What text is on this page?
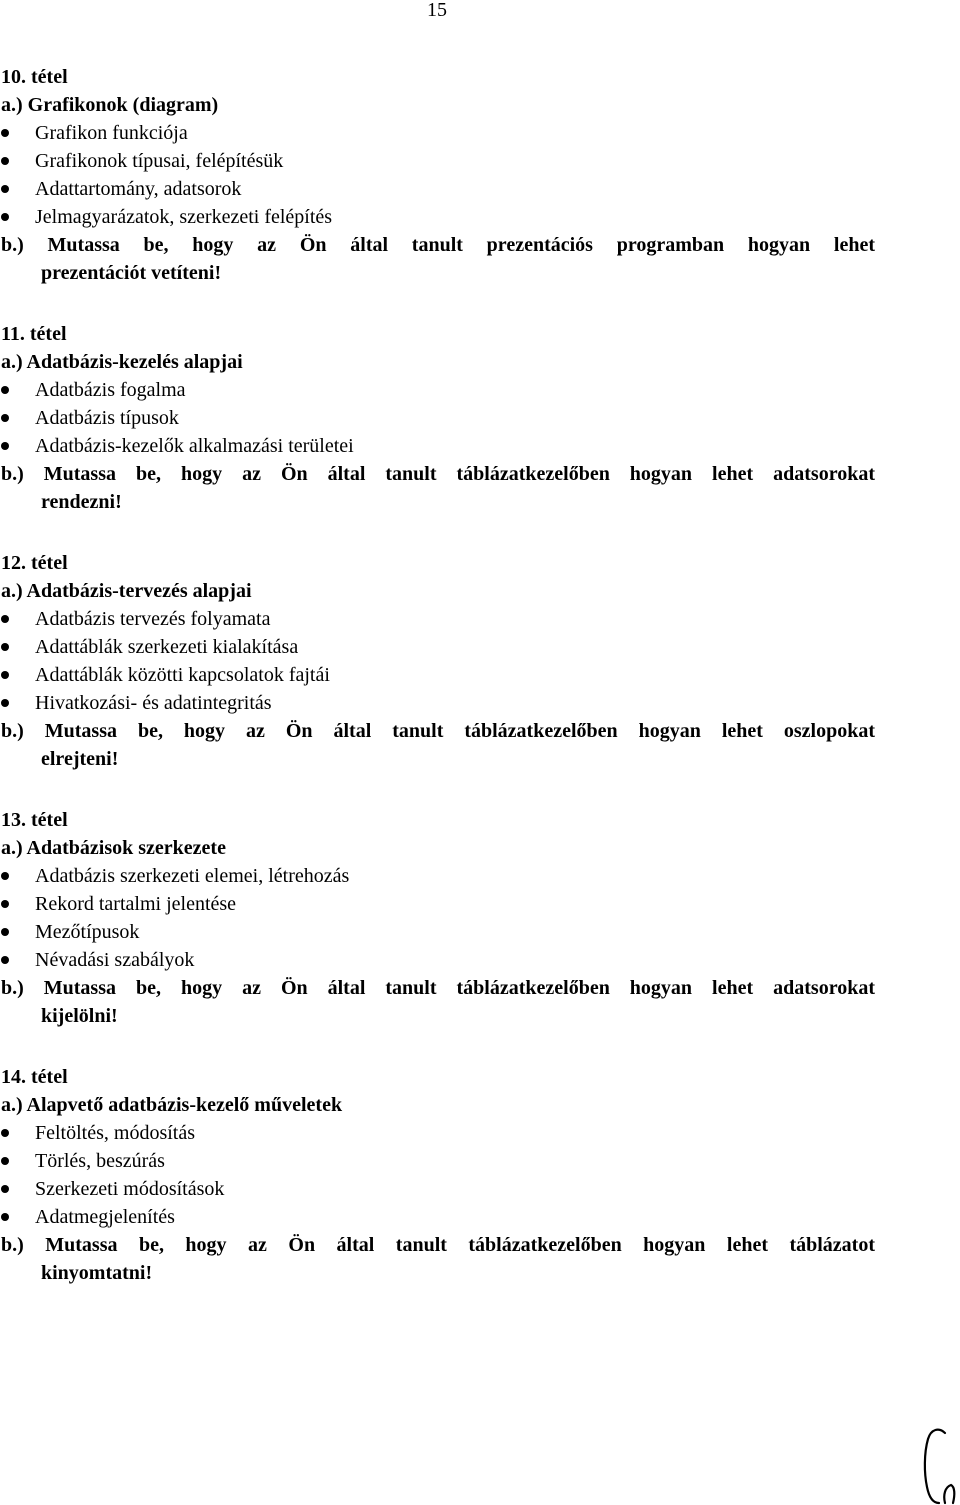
15
10. tétel
a.) Grafikonok (diagram)
Grafikon funkciója
Grafikonok típusai, felépítésük
Adattartomány, adatsorok
Jelmagyarázatok, szerkezeti felépítés
b.) Mutassa be, hogy az Ön által tanult prezentációs programban hogyan lehet
prezentációt vetíteni!
11. tétel
a.) Adatbázis-kezelés alapjai
Adatbázis fogalma
Adatbázis típusok
Adatbázis-kezelők alkalmazási területei
b.) Mutassa be, hogy az Ön által tanult táblázatkezelőben hogyan lehet adatsorokat
rendezni!
12. tétel
a.) Adatbázis-tervezés alapjai
Adatbázis tervezés folyamata
Adattáblák szerkezeti kialakítása
Adattáblák közötti kapcsolatok fajtái
Hivatkozási- és adatintegritás
b.) Mutassa be, hogy az Ön által tanult táblázatkezelőben hogyan lehet oszlopokat
elrejteni!
13. tétel
a.) Adatbázisok szerkezete
Adatbázis szerkezeti elemei, létrehozás
Rekord tartalmi jelentése
Mezőtípusok
Névadási szabályok
b.) Mutassa be, hogy az Ön által tanult táblázatkezelőben hogyan lehet adatsorokat
kijelölni!
14. tétel
a.) Alapvető adatbázis-kezelő műveletek
Feltöltés, módosítás
Törlés, beszúrás
Szerkezeti módosítások
Adatmegjelenítés
b.) Mutassa be, hogy az Ön által tanult táblázatkezelőben hogyan lehet táblázatot
kinyomtatni!
